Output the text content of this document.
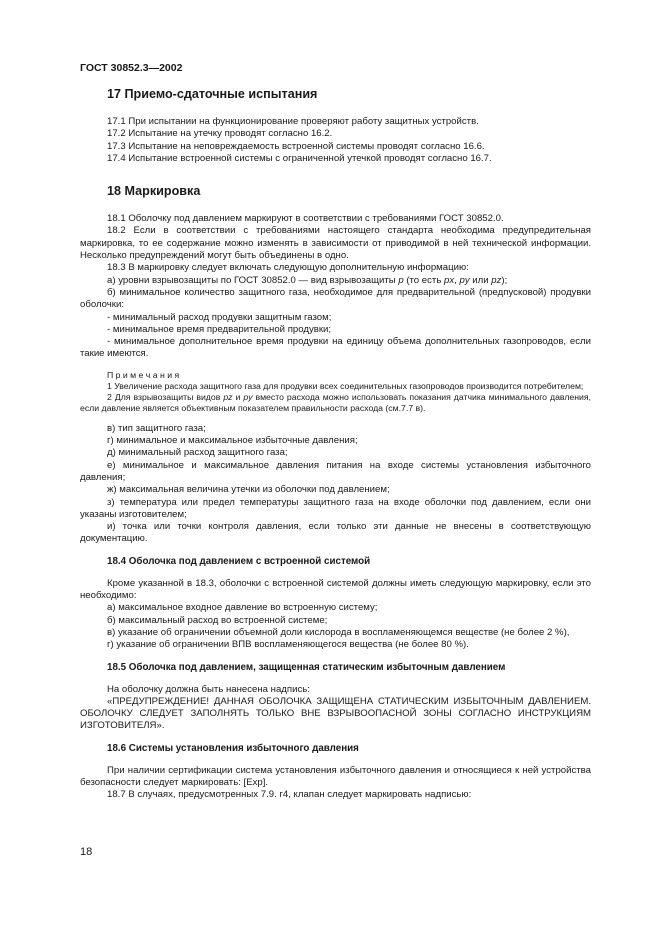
ГОСТ 30852.3—2002
17 Приемо-сдаточные испытания

17.1 При испытании на функционирование проверяют работу защитных устройств.

17.2 Испытание на утечку проводят согласно 16.2.

17.3 Испытание на неповреждаемость встроенной системы проводят согласно 16.6.

17.4 Испытание встроенной системы с ограниченной утечкой проводят согласно 16.7.

18 Маркировка

18.1 Оболочку под давлением маркируют в соответствии с требованиями ГОСТ 30852.0.

18.2 Если в соответствии с требованиями настоящего стандарта необходима предупредительная маркировка, то ее содержание можно изменять в зависимости от приводимой в ней технической информации. Несколько предупреждений могут быть объединены в одно.

18.3 В маркировку следует включать следующую дополнительную информацию:

а) уровни взрывозащиты по ГОСТ 30852.0 — вид взрывозащиты р (то есть px, py или pz);

б) минимальное количество защитного газа, необходимое для предварительной (предпусковой) продувки оболочки:

- минимальный расход продувки защитным газом;

- минимальное время предварительной продувки;

- минимальное дополнительное время продувки на единицу объема дополнительных газопроводов, если такие имеются.

П р и м е ч а н и я

1 Увеличение расхода защитного газа для продувки всех соединительных газопроводов производится потребителем;

2 Для взрывозащиты видов pz и py вместо расхода можно использовать показания датчика минимального давления, если давление является объективным показателем правильности расхода (см.7.7 в).

в) тип защитного газа;

г) минимальное и максимальное избыточные давления;

д) минимальный расход защитного газа;

е) минимальное и максимальное давления питания на входе системы установления избыточного давления;

ж) максимальная величина утечки из оболочки под давлением;

з) температура или предел температуры защитного газа на входе оболочки под давлением, если они указаны изготовителем;

и) точка или точки контроля давления, если только эти данные не внесены в соответствующую документацию.

18.4 Оболочка под давлением с встроенной системой

Кроме указанной в 18.3, оболочки с встроенной системой должны иметь следующую маркировку, если это необходимо:

а) максимальное входное давление во встроенную систему;

б) максимальный расход во встроенной системе;

в) указание об ограничении объемной доли кислорода в воспламеняющемся веществе (не более 2 %),

г) указание об ограничении ВПВ воспламеняющегося вещества (не более 80 %).

18.5 Оболочка под давлением, защищенная статическим избыточным давлением

На оболочку должна быть нанесена надпись:

«ПРЕДУПРЕЖДЕНИЕ! ДАННАЯ ОБОЛОЧКА ЗАЩИЩЕНА СТАТИЧЕСКИМ ИЗБЫТОЧНЫМ ДАВЛЕНИЕМ. ОБОЛОЧКУ СЛЕДУЕТ ЗАПОЛНЯТЬ ТОЛЬКО ВНЕ ВЗРЫВООПАСНОЙ ЗОНЫ СОГЛАСНО ИНСТРУКЦИЯМ ИЗГОТОВИТЕЛЯ».

18.6 Системы установления избыточного давления

При наличии сертификации система установления избыточного давления и относящиеся к ней устройства безопасности следует маркировать: [Exp].

18.7 В случаях, предусмотренных 7.9. г4, клапан следует маркировать надписью:

18
